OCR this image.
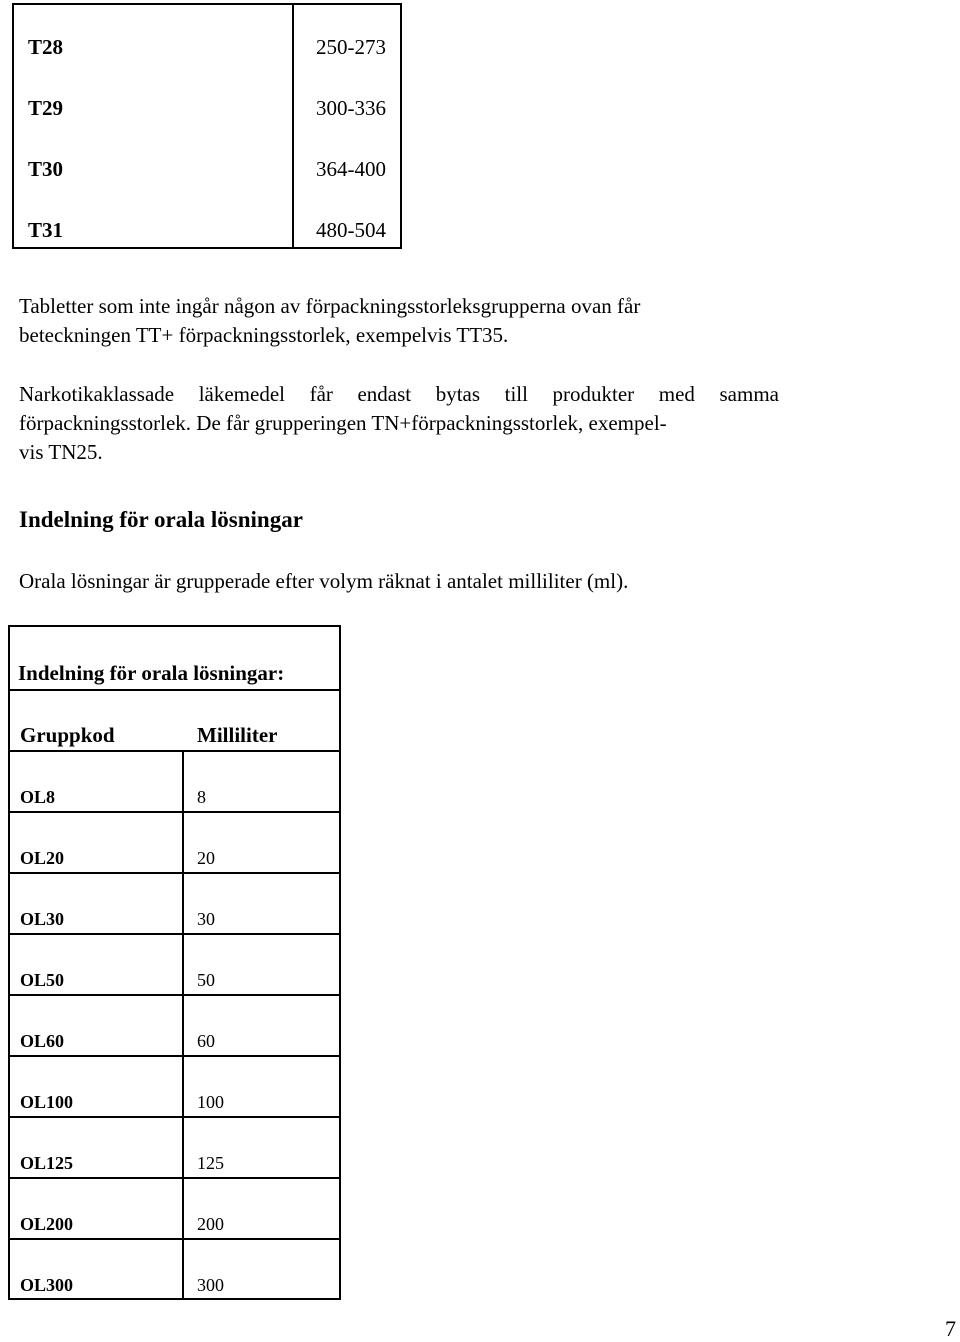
T28	250-273
T29	300-336
T30	364-400
T31	480-504
Tabletter som inte ingår någon av förpackningsstorleksgrupperna ovan får
beteckningen TT+ förpackningsstorlek, exempelvis TT35.
Narkotikaklassade läkemedel får endast bytas till produkter med samma
förpackningsstorlek. De får grupperingen TN+förpackningsstorlek, exempel-
vis TN25.
Indelning för orala lösningar
Orala lösningar är grupperade efter volym räknat i antalet milliliter (ml).
Indelning för orala lösningar:
Gruppkod	Milliliter
OL8	8
OL20	20
OL30	30
OL50	50
OL60	60
OL100	100
OL125	125
OL200	200
OL300	300
7
